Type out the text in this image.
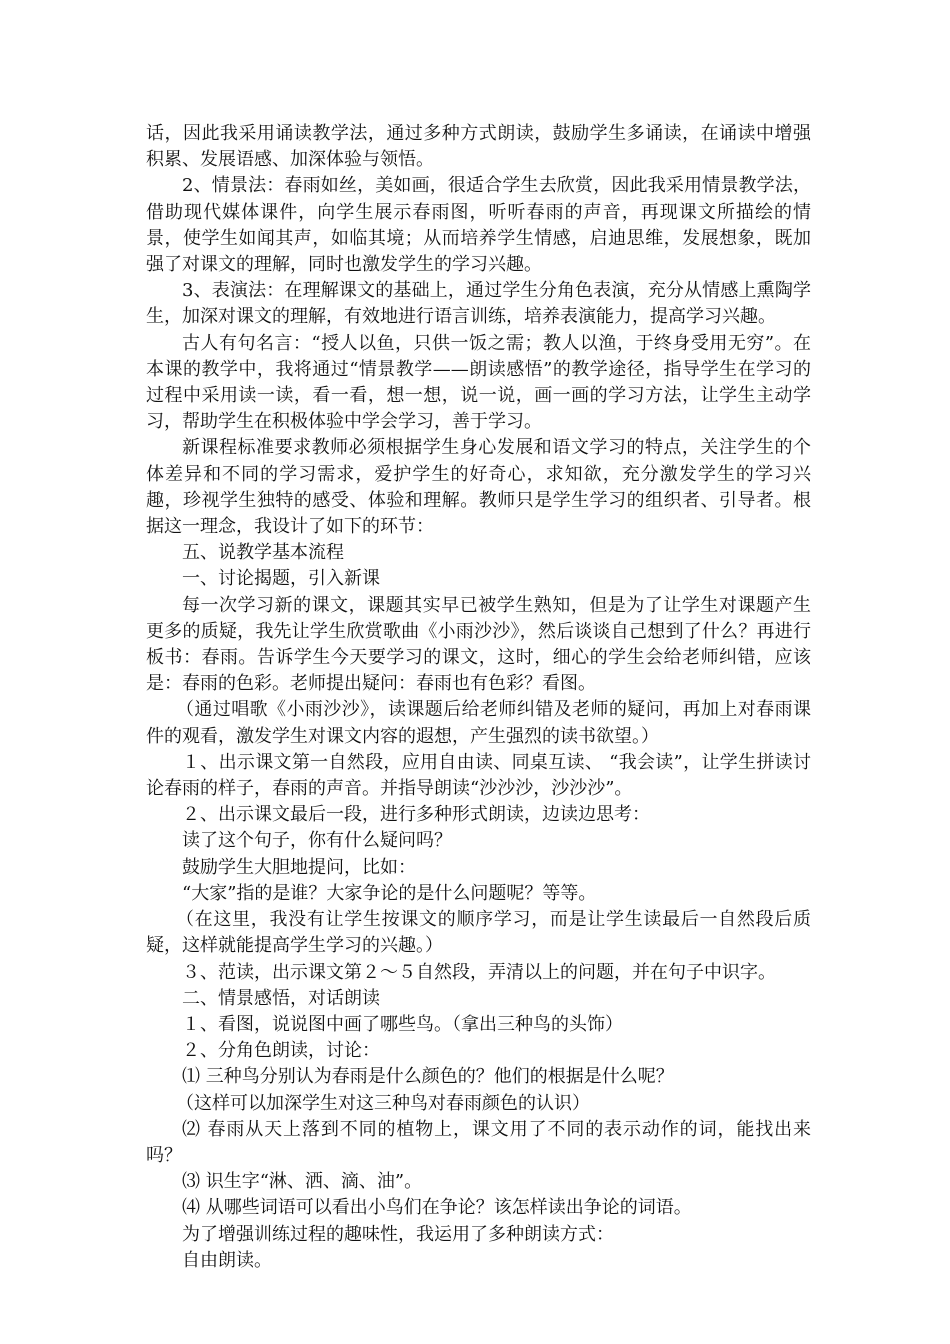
话，因此我采用诵读教学法，通过多种方式朗读，鼓励学生多诵读，在诵读中增强积累、发展语感、加深体验与领悟。

2、情景法：春雨如丝，美如画，很适合学生去欣赏，因此我采用情景教学法，借助现代媒体课件，向学生展示春雨图，听听春雨的声音，再现课文所描绘的情景，使学生如闻其声，如临其境；从而培养学生情感，启迪思维，发展想象，既加强了对课文的理解，同时也激发学生的学习兴趣。

3、表演法：在理解课文的基础上，通过学生分角色表演，充分从情感上熏陶学生，加深对课文的理解，有效地进行语言训练，培养表演能力，提高学习兴趣。

古人有句名言：“授人以鱼，只供一饭之需；教人以渔，于终身受用无穷”。在本课的教学中，我将通过“情景教学——朗读感悟”的教学途径，指导学生在学习的过程中采用读一读，看一看，想一想，说一说，画一画的学习方法，让学生主动学习，帮助学生在积极体验中学会学习，善于学习。

新课程标准要求教师必须根据学生身心发展和语文学习的特点，关注学生的个体差异和不同的学习需求，爱护学生的好奇心，求知欲，充分激发学生的学习兴趣，珍视学生独特的感受、体验和理解。教师只是学生学习的组织者、引导者。根据这一理念，我设计了如下的环节：

五、说教学基本流程

一、讨论揭题，引入新课

每一次学习新的课文，课题其实早已被学生熟知，但是为了让学生对课题产生更多的质疑，我先让学生欣赏歌曲《小雨沙沙》，然后谈谈自己想到了什么？再进行板书：春雨。告诉学生今天要学习的课文，这时，细心的学生会给老师纠错，应该是：春雨的色彩。老师提出疑问：春雨也有色彩？看图。

（通过唱歌《小雨沙沙》，读课题后给老师纠错及老师的疑问，再加上对春雨课件的观看，激发学生对课文内容的遐想，产生强烈的读书欲望。）

１、出示课文第一自然段，应用自由读、同桌互读、 “我会读”，让学生拼读讨论春雨的样子，春雨的声音。并指导朗读“沙沙沙，沙沙沙”。

２、出示课文最后一段，进行多种形式朗读，边读边思考：

读了这个句子，你有什么疑问吗？

鼓励学生大胆地提问，比如：

“大家”指的是谁？大家争论的是什么问题呢？等等。

（在这里，我没有让学生按课文的顺序学习，而是让学生读最后一自然段后质疑，这样就能提高学生学习的兴趣。）

３、范读，出示课文第２～５自然段，弄清以上的问题，并在句子中识字。

二、情景感悟，对话朗读

１、看图，说说图中画了哪些鸟。（拿出三种鸟的头饰）

２、分角色朗读，讨论：

⑴ 三种鸟分别认为春雨是什么颜色的？他们的根据是什么呢？

（这样可以加深学生对这三种鸟对春雨颜色的认识）

⑵ 春雨从天上落到不同的植物上，课文用了不同的表示动作的词，能找出来吗？

⑶ 识生字“淋、洒、滴、油”。

⑷ 从哪些词语可以看出小鸟们在争论？该怎样读出争论的词语。

为了增强训练过程的趣味性，我运用了多种朗读方式：

自由朗读。
